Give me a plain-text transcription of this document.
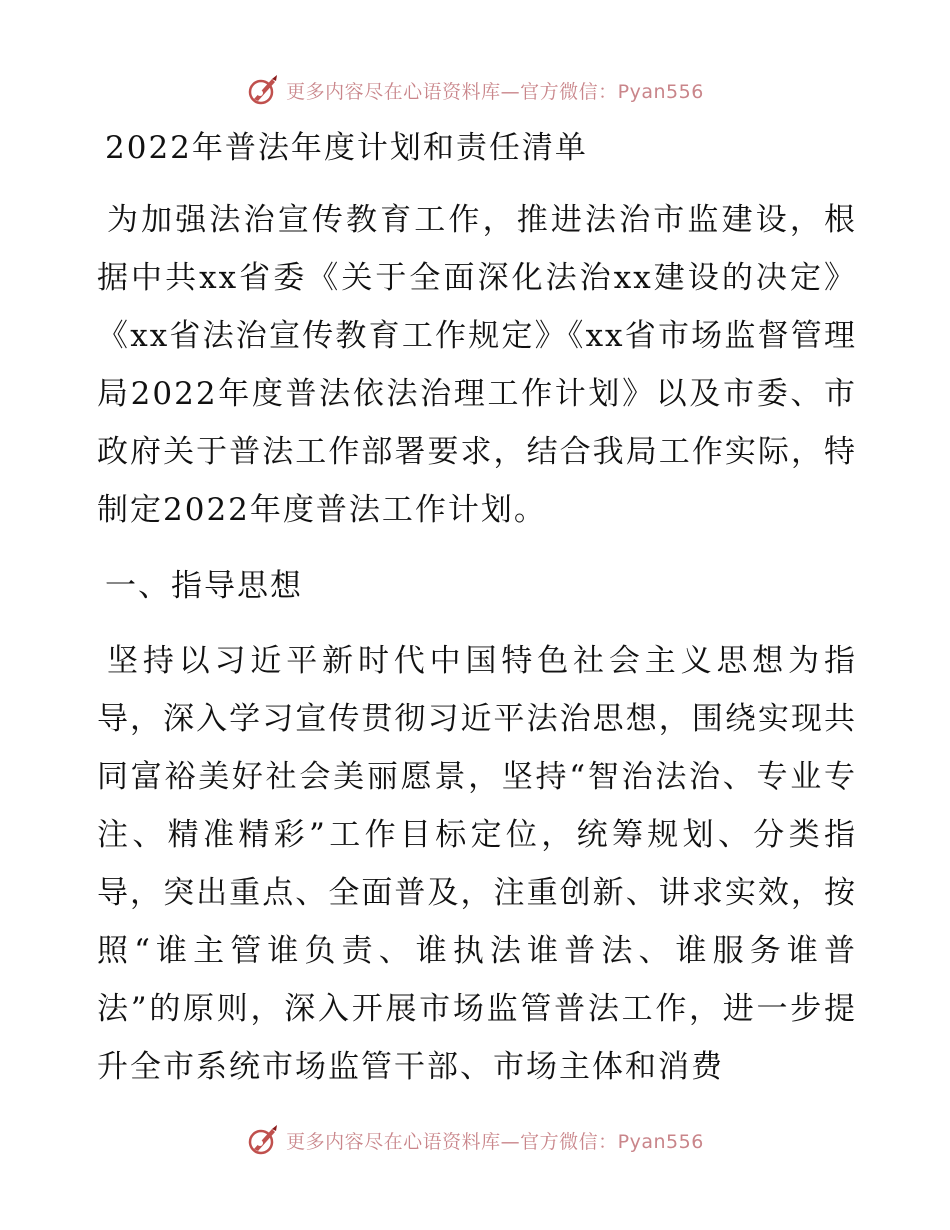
更多内容尽在心语资料库—官方微信：Pyan556
2022年普法年度计划和责任清单

为加强法治宣传教育工作，推进法治市监建设，根据中共xx省委《关于全面深化法治xx建设的决定》《xx省法治宣传教育工作规定》《xx省市场监督管理局2022年度普法依法治理工作计划》以及市委、市政府关于普法工作部署要求，结合我局工作实际，特制定2022年度普法工作计划。

一、指导思想

坚持以习近平新时代中国特色社会主义思想为指导，深入学习宣传贯彻习近平法治思想，围绕实现共同富裕美好社会美丽愿景，坚持“智治法治、专业专注、精准精彩”工作目标定位，统筹规划、分类指导，突出重点、全面普及，注重创新、讲求实效，按照“谁主管谁负责、谁执法谁普法、谁服务谁普法”的原则，深入开展市场监管普法工作，进一步提升全市系统市场监管干部、市场主体和消费

更多内容尽在心语资料库—官方微信：Pyan556
